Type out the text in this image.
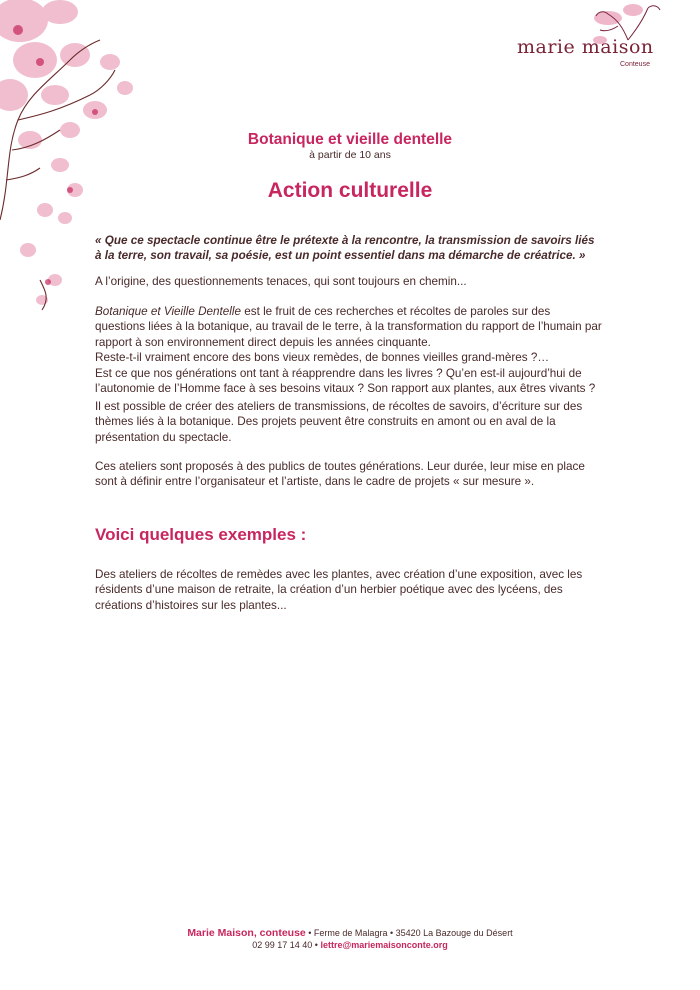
marie maison
Conteuse
Botanique et vieille dentelle
à partir de 10 ans
Action culturelle

« Que ce spectacle continue être le prétexte à la rencontre, la transmission de savoirs liés à la terre, son travail, sa poésie, est un point essentiel dans ma démarche de créatrice. »

A l’origine, des questionnements tenaces, qui sont toujours en chemin...

Botanique et Vieille Dentelle est le fruit de ces recherches et récoltes de paroles sur des questions liées à la botanique, au travail de le terre, à la transformation du rapport de l’humain par rapport à son environnement direct depuis les années cinquante.

Reste-t-il vraiment encore des bons vieux remèdes, de bonnes vieilles grand-mères ?…

Est ce que nos générations ont tant à réapprendre dans les livres ? Qu’en est-il aujourd’hui de l’autonomie de l’Homme face à ses besoins vitaux ? Son rapport aux plantes, aux êtres vivants ?

Il est possible de créer des ateliers de transmissions, de récoltes de savoirs, d’écriture sur des thèmes liés à la botanique. Des projets peuvent être construits en amont ou en aval de la présentation du spectacle.

Ces ateliers sont proposés à des publics de toutes générations. Leur durée, leur mise en place sont à définir entre l’organisateur et l’artiste, dans le cadre de projets « sur mesure ».

Voici quelques exemples :

Des ateliers de récoltes de remèdes avec les plantes, avec création d’une exposition, avec les résidents d’une maison de retraite, la création d’un herbier poétique avec des lycéens, des créations d’histoires sur les plantes...

Marie Maison, conteuse • Ferme de Malagra • 35420 La Bazouge du Désert
02 99 17 14 40 • lettre@mariemaisonconte.org
